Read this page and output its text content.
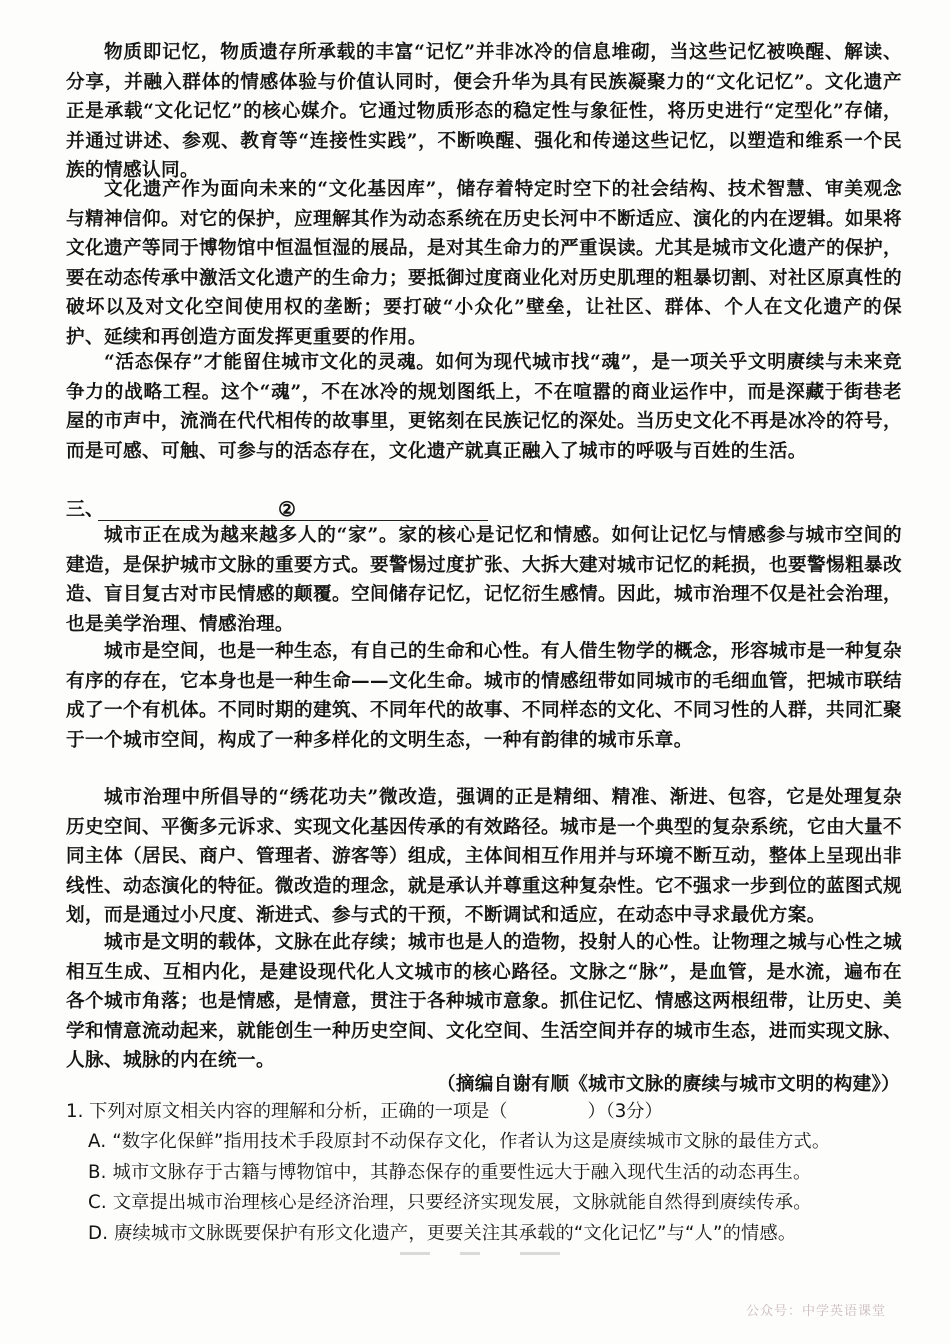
物质即记忆，物质遗存所承载的丰富“记忆”并非冰冷的信息堆砌，当这些记忆被唤醒、解读、分享，并融入群体的情感体验与价值认同时，便会升华为具有民族凝聚力的“文化记忆”。文化遗产正是承载“文化记忆”的核心媒介。它通过物质形态的稳定性与象征性，将历史进行“定型化”存储，并通过讲述、参观、教育等“连接性实践”，不断唤醒、强化和传递这些记忆，以塑造和维系一个民族的情感认同。

文化遗产作为面向未来的“文化基因库”，储存着特定时空下的社会结构、技术智慧、审美观念与精神信仰。对它的保护，应理解其作为动态系统在历史长河中不断适应、演化的内在逻辑。如果将文化遗产等同于博物馆中恒温恒湿的展品，是对其生命力的严重误读。尤其是城市文化遗产的保护，要在动态传承中激活文化遗产的生命力；要抵御过度商业化对历史肌理的粗暴切割、对社区原真性的破坏以及对文化空间使用权的垄断；要打破“小众化”壁垒，让社区、群体、个人在文化遗产的保护、延续和再创造方面发挥更重要的作用。

“活态保存”才能留住城市文化的灵魂。如何为现代城市找“魂”，是一项关乎文明赓续与未来竞争力的战略工程。这个“魂”，不在冰冷的规划图纸上，不在喧嚣的商业运作中，而是深藏于街巷老屋的市声中，流淌在代代相传的故事里，更铭刻在民族记忆的深处。当历史文化不再是冰冷的符号，而是可感、可触、可参与的活态存在，文化遗产就真正融入了城市的呼吸与百姓的生活。

三、	②

城市正在成为越来越多人的“家”。家的核心是记忆和情感。如何让记忆与情感参与城市空间的建造，是保护城市文脉的重要方式。要警惕过度扩张、大拆大建对城市记忆的耗损，也要警惕粗暴改造、盲目复古对市民情感的颠覆。空间储存记忆，记忆衍生感情。因此，城市治理不仅是社会治理，也是美学治理、情感治理。

城市是空间，也是一种生态，有自己的生命和心性。有人借生物学的概念，形容城市是一种复杂有序的存在，它本身也是一种生命——文化生命。城市的情感纽带如同城市的毛细血管，把城市联结成了一个有机体。不同时期的建筑、不同年代的故事、不同样态的文化、不同习性的人群，共同汇聚于一个城市空间，构成了一种多样化的文明生态，一种有韵律的城市乐章。

城市治理中所倡导的“绣花功夫”微改造，强调的正是精细、精准、渐进、包容，它是处理复杂历史空间、平衡多元诉求、实现文化基因传承的有效路径。城市是一个典型的复杂系统，它由大量不同主体（居民、商户、管理者、游客等）组成，主体间相互作用并与环境不断互动，整体上呈现出非线性、动态演化的特征。微改造的理念，就是承认并尊重这种复杂性。它不强求一步到位的蓝图式规划，而是通过小尺度、渐进式、参与式的干预，不断调试和适应，在动态中寻求最优方案。

城市是文明的载体，文脉在此存续；城市也是人的造物，投射人的心性。让物理之城与心性之城相互生成、互相内化，是建设现代化人文城市的核心路径。文脉之“脉”，是血管，是水流，遍布在各个城市角落；也是情感，是情意，贯注于各种城市意象。抓住记忆、情感这两根纽带，让历史、美学和情意流动起来，就能创生一种历史空间、文化空间、生活空间并存的城市生态，进而实现文脉、人脉、城脉的内在统一。

（摘编自谢有顺《城市文脉的赓续与城市文明的构建》）
1. 下列对原文相关内容的理解和分析，正确的一项是（	）（3分）
A. “数字化保鲜”指用技术手段原封不动保存文化，作者认为这是赓续城市文脉的最佳方式。
B. 城市文脉存于古籍与博物馆中，其静态保存的重要性远大于融入现代生活的动态再生。
C. 文章提出城市治理核心是经济治理，只要经济实现发展，文脉就能自然得到赓续传承。
D. 赓续城市文脉既要保护有形文化遗产，更要关注其承载的“文化记忆”与“人”的情感。
公众号：中学英语课堂
